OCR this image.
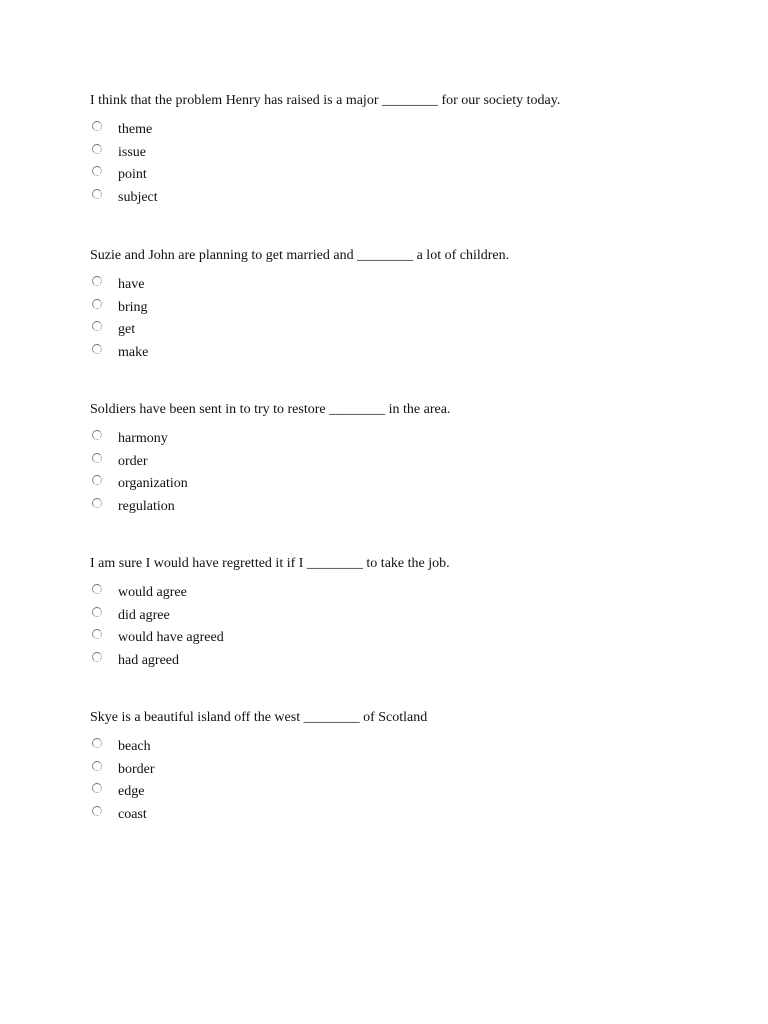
I think that the problem Henry has raised is a major ________ for our society today.

theme
issue
point
subject

Suzie and John are planning to get married and ________ a lot of children.

have
bring
get
make

Soldiers have been sent in to try to restore ________ in the area.

harmony
order
organization
regulation

I am sure I would have regretted it if I ________ to take the job.

would agree
did agree
would have agreed
had agreed

Skye is a beautiful island off the west ________ of Scotland

beach
border
edge
coast
